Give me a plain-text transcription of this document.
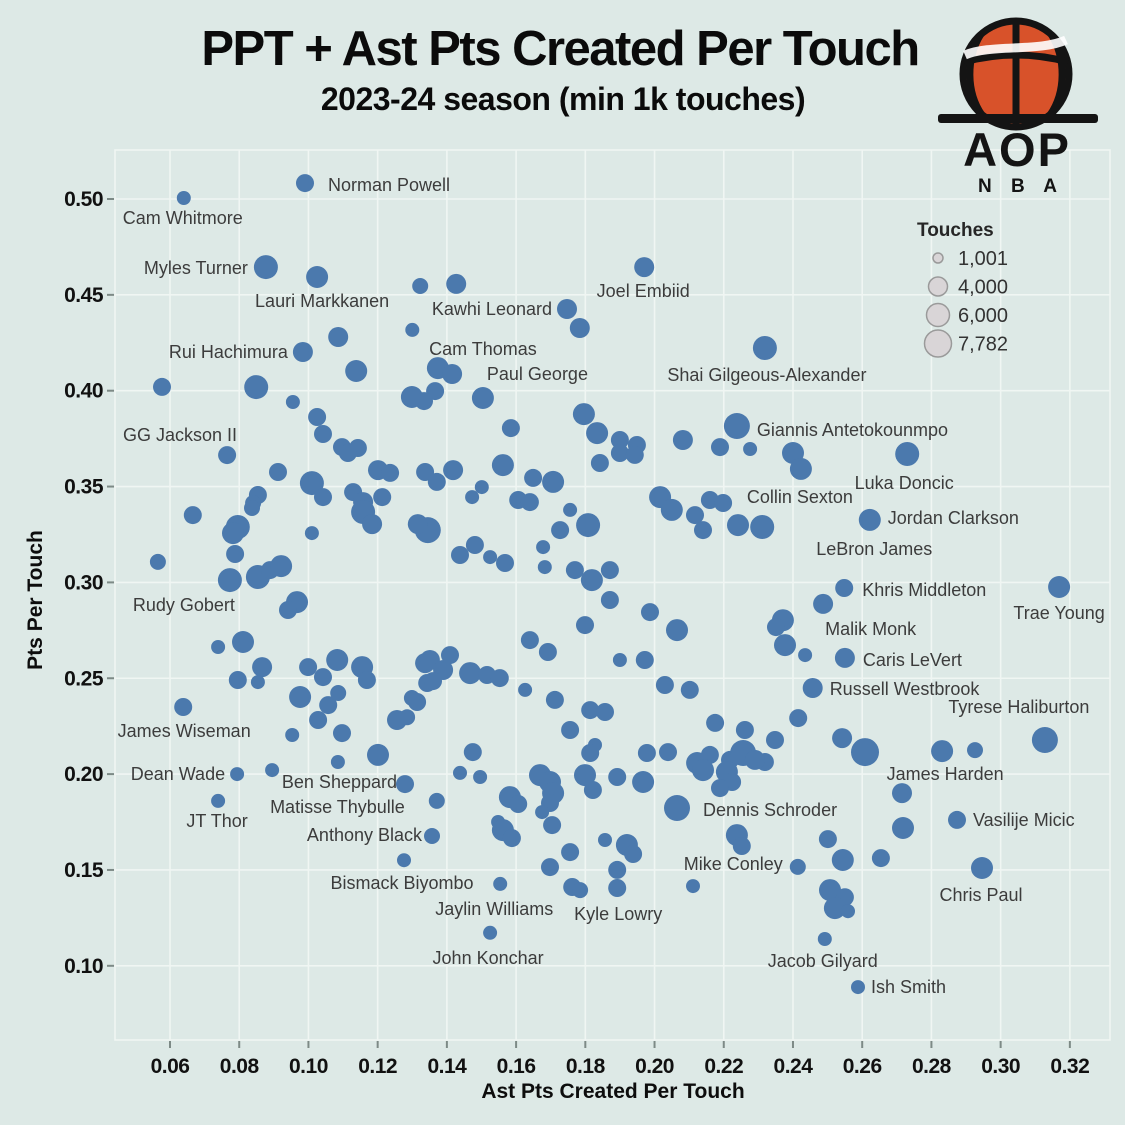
Norman Powell
Cam Whitmore
Myles Turner
Lauri Markkanen Kawhi Leonard
Joel Embiid
Cam Thomas
Rui Hachimura
Paul George	Shai Gilgeous-Alexander
GG Jackson II	Giannis Antetokounmpo
Collin Sexton
Luka Doncic
Jordan Clarkson
LeBron James
Khris Middleton
Trae Young
Rudy Gobert
Malik Monk
Caris LeVert
Russell Westbrook
Tyrese Haliburton
James Wiseman
Dean Wade	Ben Sheppard
JT Thor
Matisse Thybulle
Anthony Black
James Harden
Dennis Schroder	Vasilije Micic
Bismack Biyombo
Mike Conley
Chris Paul
Jaylin Williams Kyle Lowry
John Konchar	Jacob Gilyard
Ish Smith
0.06 0.08 0.10 0.12 0.14 0.16 0.18 0.20 0.22 0.24 0.26 0.28 0.30 0.32
0.10
0.15
0.20
0.25
0.30
0.35
0.40
0.45
0.50
PPT + Ast Pts Created Per Touch
2023-24 season (min 1k touches)
Ast Pts Created Per Touch
Pts Per Touch
AOP
N B A
Touches
1,001
4,000
6,000
7,782
